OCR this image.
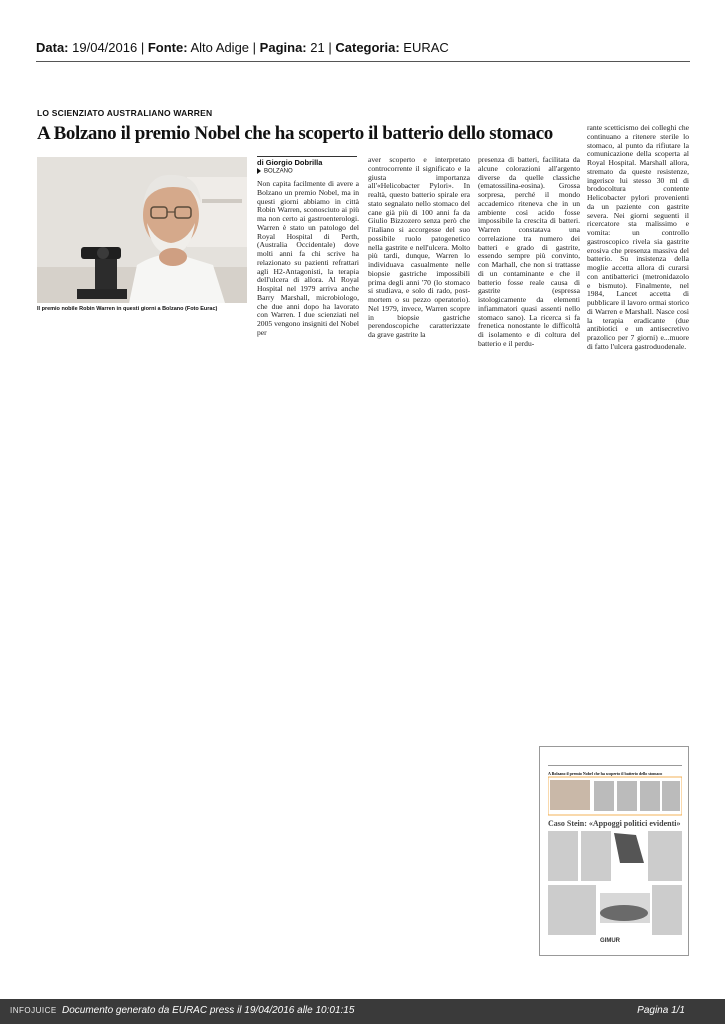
Data: 19/04/2016 | Fonte: Alto Adige | Pagina: 21 | Categoria: EURAC
LO SCIENZIATO AUSTRALIANO WARREN
A Bolzano il premio Nobel che ha scoperto il batterio dello stomaco
Il premio nobile Robin Warren in questi giorni a Bolzano (Foto Eurac)
di Giorgio Dobrilla
BOLZANO

Non capita facilmente di avere a Bolzano un premio Nobel, ma in questi giorni abbiamo in città Robin Warren, sconosciuto ai più ma non certo ai gastroenterologi. Warren è stato un patologo del Royal Hospital di Perth, (Australia Occidentale) dove molti anni fa chi scrive ha relazionato su pazienti refrattari agli H2-Antagonisti, la terapia dell'ulcera di allora. Al Royal Hospital nel 1979 arriva anche Barry Marshall, microbiologo, che due anni dopo ha lavorato con Warren. I due scienziati nel 2005 vengono insigniti del Nobel per

aver scoperto e interpretato controcorrente il significato e la giusta importanza all'«Helicobacter Pylori». In realtà, questo batterio spirale era stato segnalato nello stomaco del cane già più di 100 anni fa da Giulio Bizzozero senza però che l'italiano si accorgesse del suo possibile ruolo patogenetico nella gastrite e nell'ulcera. Molto più tardi, dunque, Warren lo individuava casualmente nelle biopsie gastriche impossibili prima degli anni '70 (lo stomaco si studiava, e solo di rado, post-mortem o su pezzo operatorio). Nel 1979, invece, Warren scopre in biopsie gastriche perendoscopiche caratterizzate da grave gastrite la

presenza di batteri, facilitata da alcune colorazioni all'argento diverse da quelle classiche (ematossilina-eosina). Grossa sorpresa, perché il mondo accademico riteneva che in un ambiente così acido fosse impossibile la crescita di batteri. Warren constatava una correlazione tra numero dei batteri e grado di gastrite, essendo sempre più convinto, con Marhall, che non si trattasse di un contaminante e che il batterio fosse reale causa di gastrite (espressa istologicamente da elementi infiammatori quasi assenti nello stomaco sano). La ricerca si fa frenetica nonostante le difficoltà di isolamento e di coltura del batterio e il perdu-

rante scetticismo dei colleghi che continuano a ritenere sterile lo stomaco, al punto da rifiutare la comunicazione della scoperta al Royal Hospital. Marshall allora, stremato da queste resistenze, ingerisce lui stesso 30 ml di brodocoltura contente Helicobacter pylori provenienti da un paziente con gastrite severa. Nei giorni seguenti il ricercatore sta malissimo e vomita: un controllo gastroscopico rivela sia gastrite erosiva che presenza massiva del batterio. Su insistenza della moglie accetta allora di curarsi con antibatterici (metronidazolo e bismuto). Finalmente, nel 1984, Lancet accetta di pubblicare il lavoro ormai storico di Warren e Marshall. Nasce così la terapia eradicante (due antibiotici e un antisecretivo prazolico per 7 giorni) e...muore di fatto l'ulcera gastroduodenale.

A Bolzano il premio Nobel che ha scoperto il batterio dello stomaco
Caso Stein: «Appoggi politici evidenti»
GIMUR
INFOJUICE Documento generato da EURAC press il 19/04/2016 alle 10:01:15	Pagina 1/1
